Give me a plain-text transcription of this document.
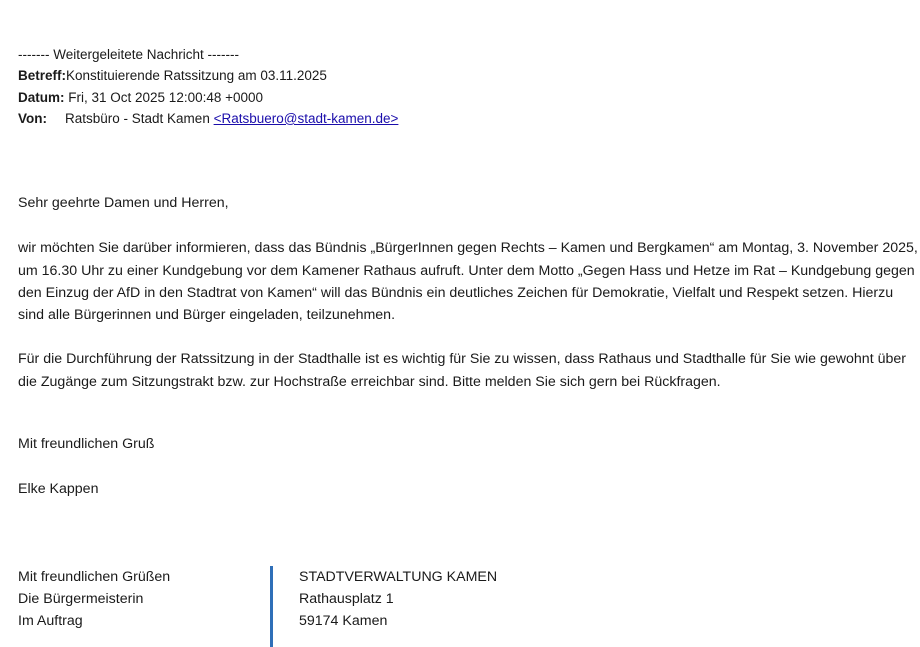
------- Weitergeleitete Nachricht -------
Betreff:Konstituierende Ratssitzung am 03.11.2025
Datum: Fri, 31 Oct 2025 12:00:48 +0000
Von: Ratsbüro - Stadt Kamen <Ratsbuero@stadt-kamen.de>

Sehr geehrte Damen und Herren,

wir möchten Sie darüber informieren, dass das Bündnis „BürgerInnen gegen Rechts – Kamen und Bergkamen“ am Montag, 3. November 2025, um 16.30 Uhr zu einer Kundgebung vor dem Kamener Rathaus aufruft. Unter dem Motto „Gegen Hass und Hetze im Rat – Kundgebung gegen den Einzug der AfD in den Stadtrat von Kamen“ will das Bündnis ein deutliches Zeichen für Demokratie, Vielfalt und Respekt setzen. Hierzu sind alle Bürgerinnen und Bürger eingeladen, teilzunehmen.

Für die Durchführung der Ratssitzung in der Stadthalle ist es wichtig für Sie zu wissen, dass Rathaus und Stadthalle für Sie wie gewohnt über die Zugänge zum Sitzungstrakt bzw. zur Hochstraße erreichbar sind. Bitte melden Sie sich gern bei Rückfragen.

Mit freundlichen Gruß

Elke Kappen

Mit freundlichen Grüßen
Die Bürgermeisterin
Im Auftrag
STADTVERWALTUNG KAMEN
Rathausplatz 1
59174 Kamen
